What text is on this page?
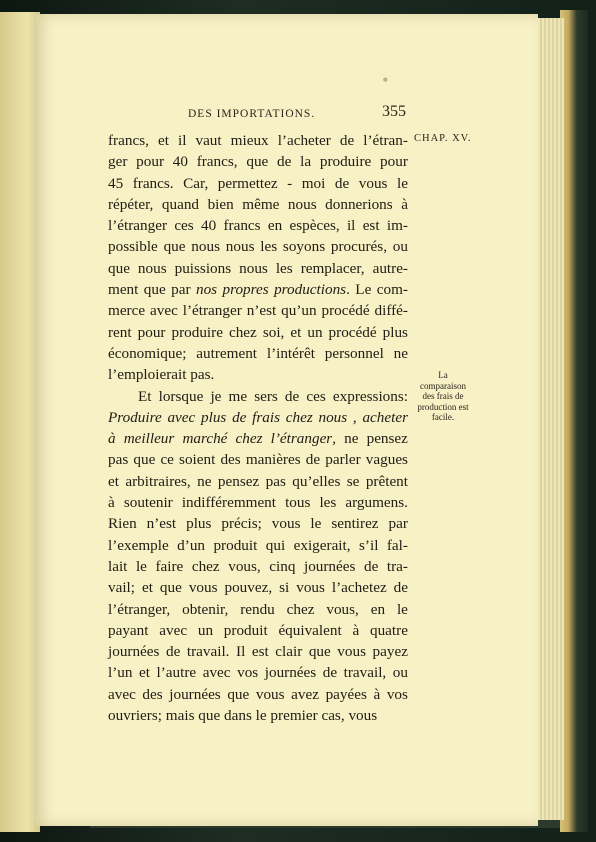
•
DES IMPORTATIONS.	355
CHAP. XV.
La
comparaison
des frais de
production est
facile.
francs, et il vaut mieux l’acheter de l’étran-
ger pour 40 francs, que de la produire pour
45 francs. Car, permettez - moi de vous le
répéter, quand bien même nous donnerions à
l’étranger ces 40 francs en espèces, il est im-
possible que nous nous les soyons procurés, ou
que nous puissions nous les remplacer, autre-
ment que par nos propres productions. Le com-
merce avec l’étranger n’est qu’un procédé diffé-
rent pour produire chez soi, et un procédé plus
économique; autrement l’intérêt personnel ne
l’emploierait
pas.
Et lorsque je me sers de ces expressions:
Produire avec plus de frais chez nous , acheter
à meilleur marché chez l’étranger, ne pensez
pas que ce soient des manières de parler vagues
et arbitraires, ne pensez pas qu’elles se prêtent
à soutenir indifféremment tous les argumens.
Rien n’est plus précis; vous le sentirez par
l’exemple d’un produit qui exigerait, s’il fal-
lait le faire chez vous, cinq journées de tra-
vail; et que vous pouvez, si vous l’achetez de
l’étranger, obtenir, rendu chez vous, en le
payant avec un produit équivalent à quatre
journées de travail. Il est clair que vous payez
l’un et l’autre avec vos journées de travail, ou
avec des journées que vous avez payées à vos
ouvriers;
mais
que
dans
le
premier
cas,
vous
